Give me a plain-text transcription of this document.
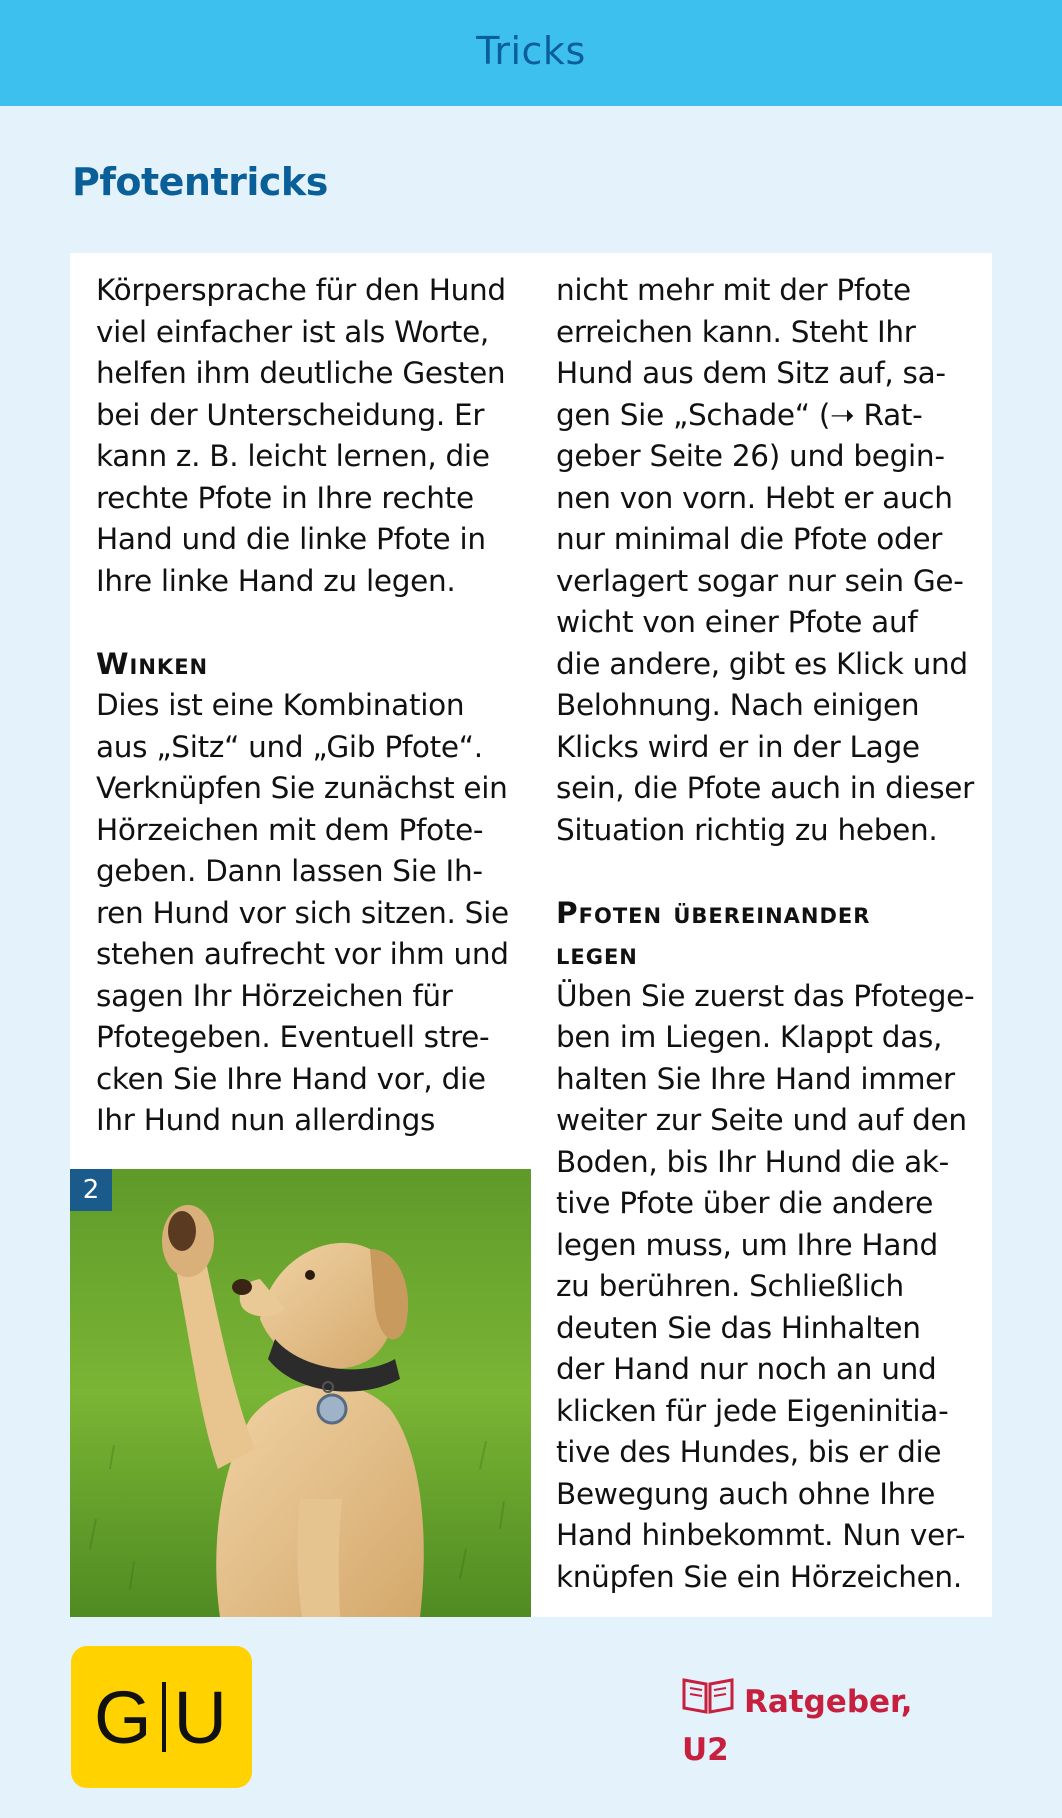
Tricks
Pfotentricks
Körpersprache für den Hund
viel einfacher ist als Worte,
helfen ihm deutliche Gesten
bei der Unterscheidung. Er
kann z. B. leicht lernen, die
rechte Pfote in Ihre rechte
Hand und die linke Pfote in
Ihre linke Hand zu legen.
Winken
Dies ist eine Kombination
aus „Sitz“ und „Gib Pfote“.
Verknüpfen Sie zunächst ein
Hörzeichen mit dem Pfote-
geben. Dann lassen Sie Ih-
ren Hund vor sich sitzen. Sie
stehen aufrecht vor ihm und
sagen Ihr Hörzeichen für
Pfotegeben. Eventuell stre-
cken Sie Ihre Hand vor, die
Ihr Hund nun allerdings
nicht mehr mit der Pfote
erreichen kann. Steht Ihr
Hund aus dem Sitz auf, sa-
gen Sie „Schade“ (➝ Rat-
geber Seite 26) und begin-
nen von vorn. Hebt er auch
nur minimal die Pfote oder
verlagert sogar nur sein Ge-
wicht von einer Pfote auf
die andere, gibt es Klick und
Belohnung. Nach einigen
Klicks wird er in der Lage
sein, die Pfote auch in dieser
Situation richtig zu heben.
Pfoten übereinander
legen
Üben Sie zuerst das Pfotege-
ben im Liegen. Klappt das,
halten Sie Ihre Hand immer
weiter zur Seite und auf den
Boden, bis Ihr Hund die ak-
tive Pfote über die andere
legen muss, um Ihre Hand
zu berühren. Schließlich
deuten Sie das Hinhalten
der Hand nur noch an und
klicken für jede Eigeninitia-
tive des Hundes, bis er die
Bewegung auch ohne Ihre
Hand hinbekommt. Nun ver-
knüpfen Sie ein Hörzeichen.
2
G U	Ratgeber,
U2
